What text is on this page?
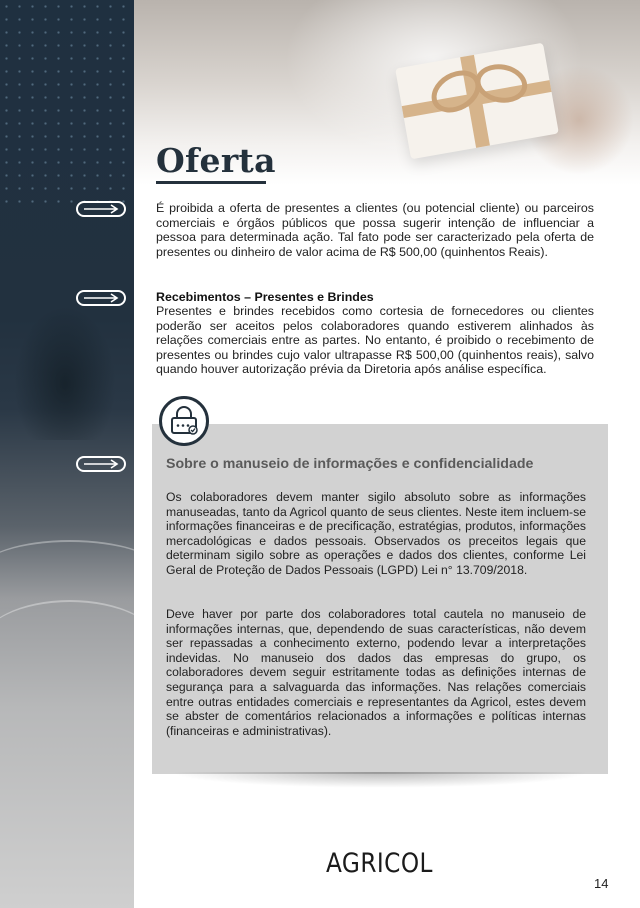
Oferta

É proibida a oferta de presentes a clientes (ou potencial cliente) ou parceiros comerciais e órgãos públicos que possa sugerir intenção de influenciar a pessoa para determinada ação. Tal fato pode ser caracterizado pela oferta de presentes ou dinheiro de valor acima de R$ 500,00 (quinhentos Reais).

Recebimentos – Presentes e Brindes

Presentes e brindes recebidos como cortesia de fornecedores ou clientes poderão ser aceitos pelos colaboradores quando estiverem alinhados às relações comerciais entre as partes. No entanto, é proibido o recebimento de presentes ou brindes cujo valor ultrapasse R$ 500,00 (quinhentos reais), salvo quando houver autorização prévia da Diretoria após análise específica.

Sobre o manuseio de informações e confidencialidade

Os colaboradores devem manter sigilo absoluto sobre as informações manuseadas, tanto da Agricol quanto de seus clientes. Neste item incluem-se informações financeiras e de precificação, estratégias, produtos, informações mercadológicas e dados pessoais. Observados os preceitos legais que determinam sigilo sobre as operações e dados dos clientes, conforme Lei Geral de Proteção de Dados Pessoais (LGPD) Lei n° 13.709/2018.

Deve haver por parte dos colaboradores total cautela no manuseio de informações internas, que, dependendo de suas características, não devem ser repassadas a conhecimento externo, podendo levar a interpretações indevidas. No manuseio dos dados das empresas do grupo, os colaboradores devem seguir estritamente todas as definições internas de segurança para a salvaguarda das informações. Nas relações comerciais entre outras entidades comerciais e representantes da Agricol, estes devem se abster de comentários relacionados a informações e políticas internas (financeiras e administrativas).

AGRICOL

14
